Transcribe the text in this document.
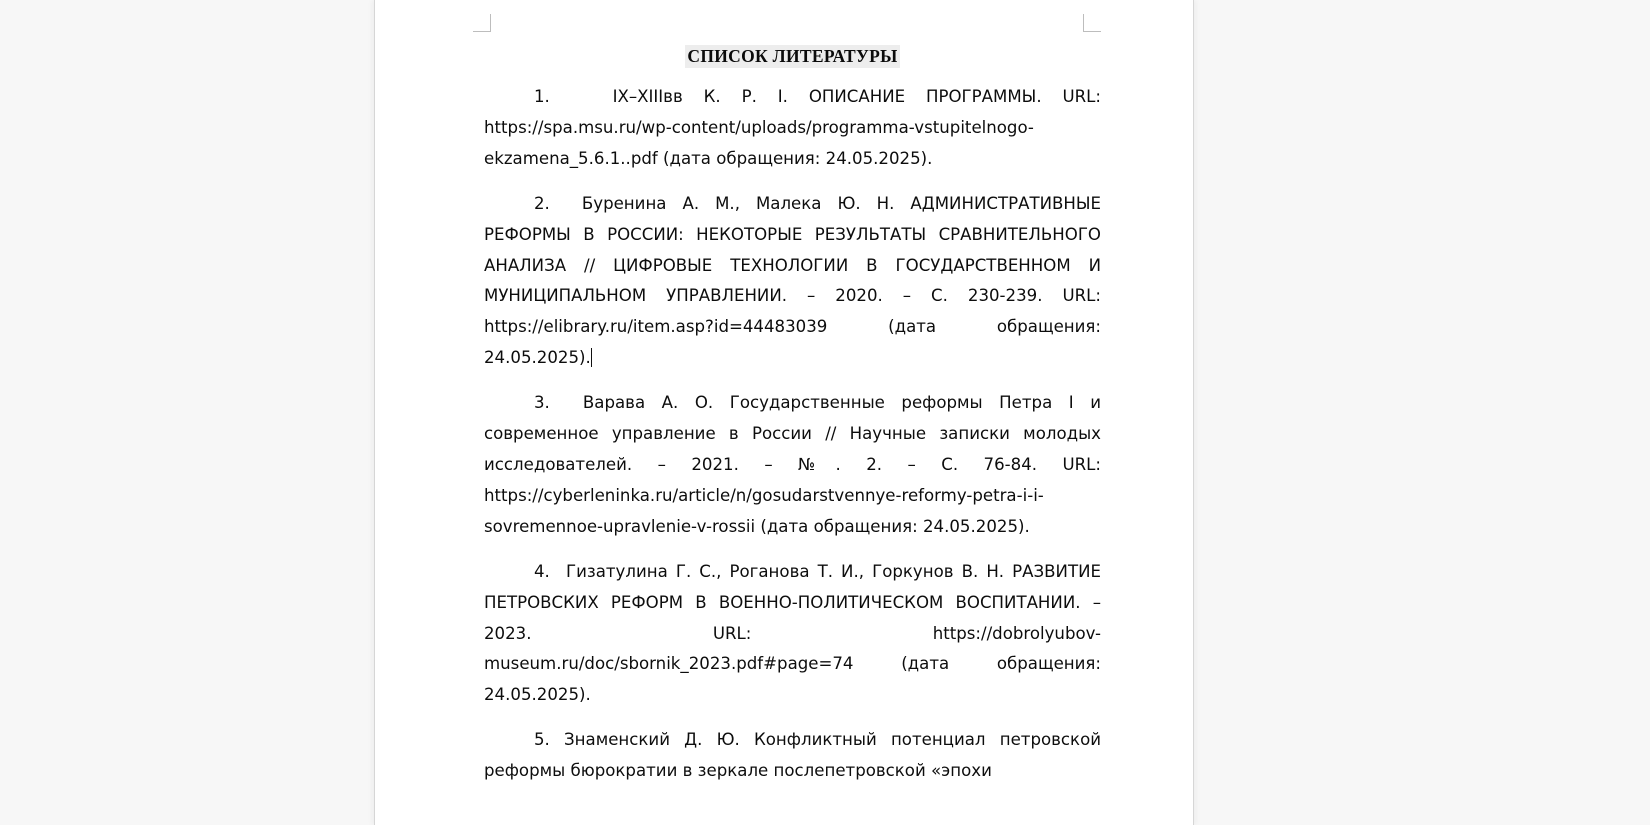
СПИСОК ЛИТЕРАТУРЫ

1.	IX–XIIIвв К. Р. I. ОПИСАНИЕ ПРОГРАММЫ. URL: https://spa.msu.ru/wp-content/uploads/programma-vstupitelnogo-ekzamena_5.6.1..pdf (дата обращения: 24.05.2025).

2. Буренина А. М., Малека Ю. Н. АДМИНИСТРАТИВНЫЕ РЕФОРМЫ В РОССИИ: НЕКОТОРЫЕ РЕЗУЛЬТАТЫ СРАВНИТЕЛЬНОГО АНАЛИЗА // ЦИФРОВЫЕ ТЕХНОЛОГИИ В ГОСУДАРСТВЕННОМ И МУНИЦИПАЛЬНОМ УПРАВЛЕНИИ. – 2020. – С. 230-239. URL: https://elibrary.ru/item.asp?id=44483039 (дата обращения: 24.05.2025).

3. Варава А. О. Государственные реформы Петра I и современное управление в России // Научные записки молодых исследователей. – 2021. – №. 2. – С. 76-84. URL: https://cyberleninka.ru/article/n/gosudarstvennye-reformy-petra-i-i-sovremennoe-upravlenie-v-rossii (дата обращения: 24.05.2025).

4. Гизатулина Г. С., Роганова Т. И., Горкунов В. Н. РАЗВИТИЕ ПЕТРОВСКИХ РЕФОРМ В ВОЕННО-ПОЛИТИЧЕСКОМ ВОСПИТАНИИ. – 2023. URL: https://dobrolyubov-museum.ru/doc/sbornik_2023.pdf#page=74 (дата обращения: 24.05.2025).

5. Знаменский Д. Ю. Конфликтный потенциал петровской реформы бюрократии в зеркале послепетровской «эпохи
